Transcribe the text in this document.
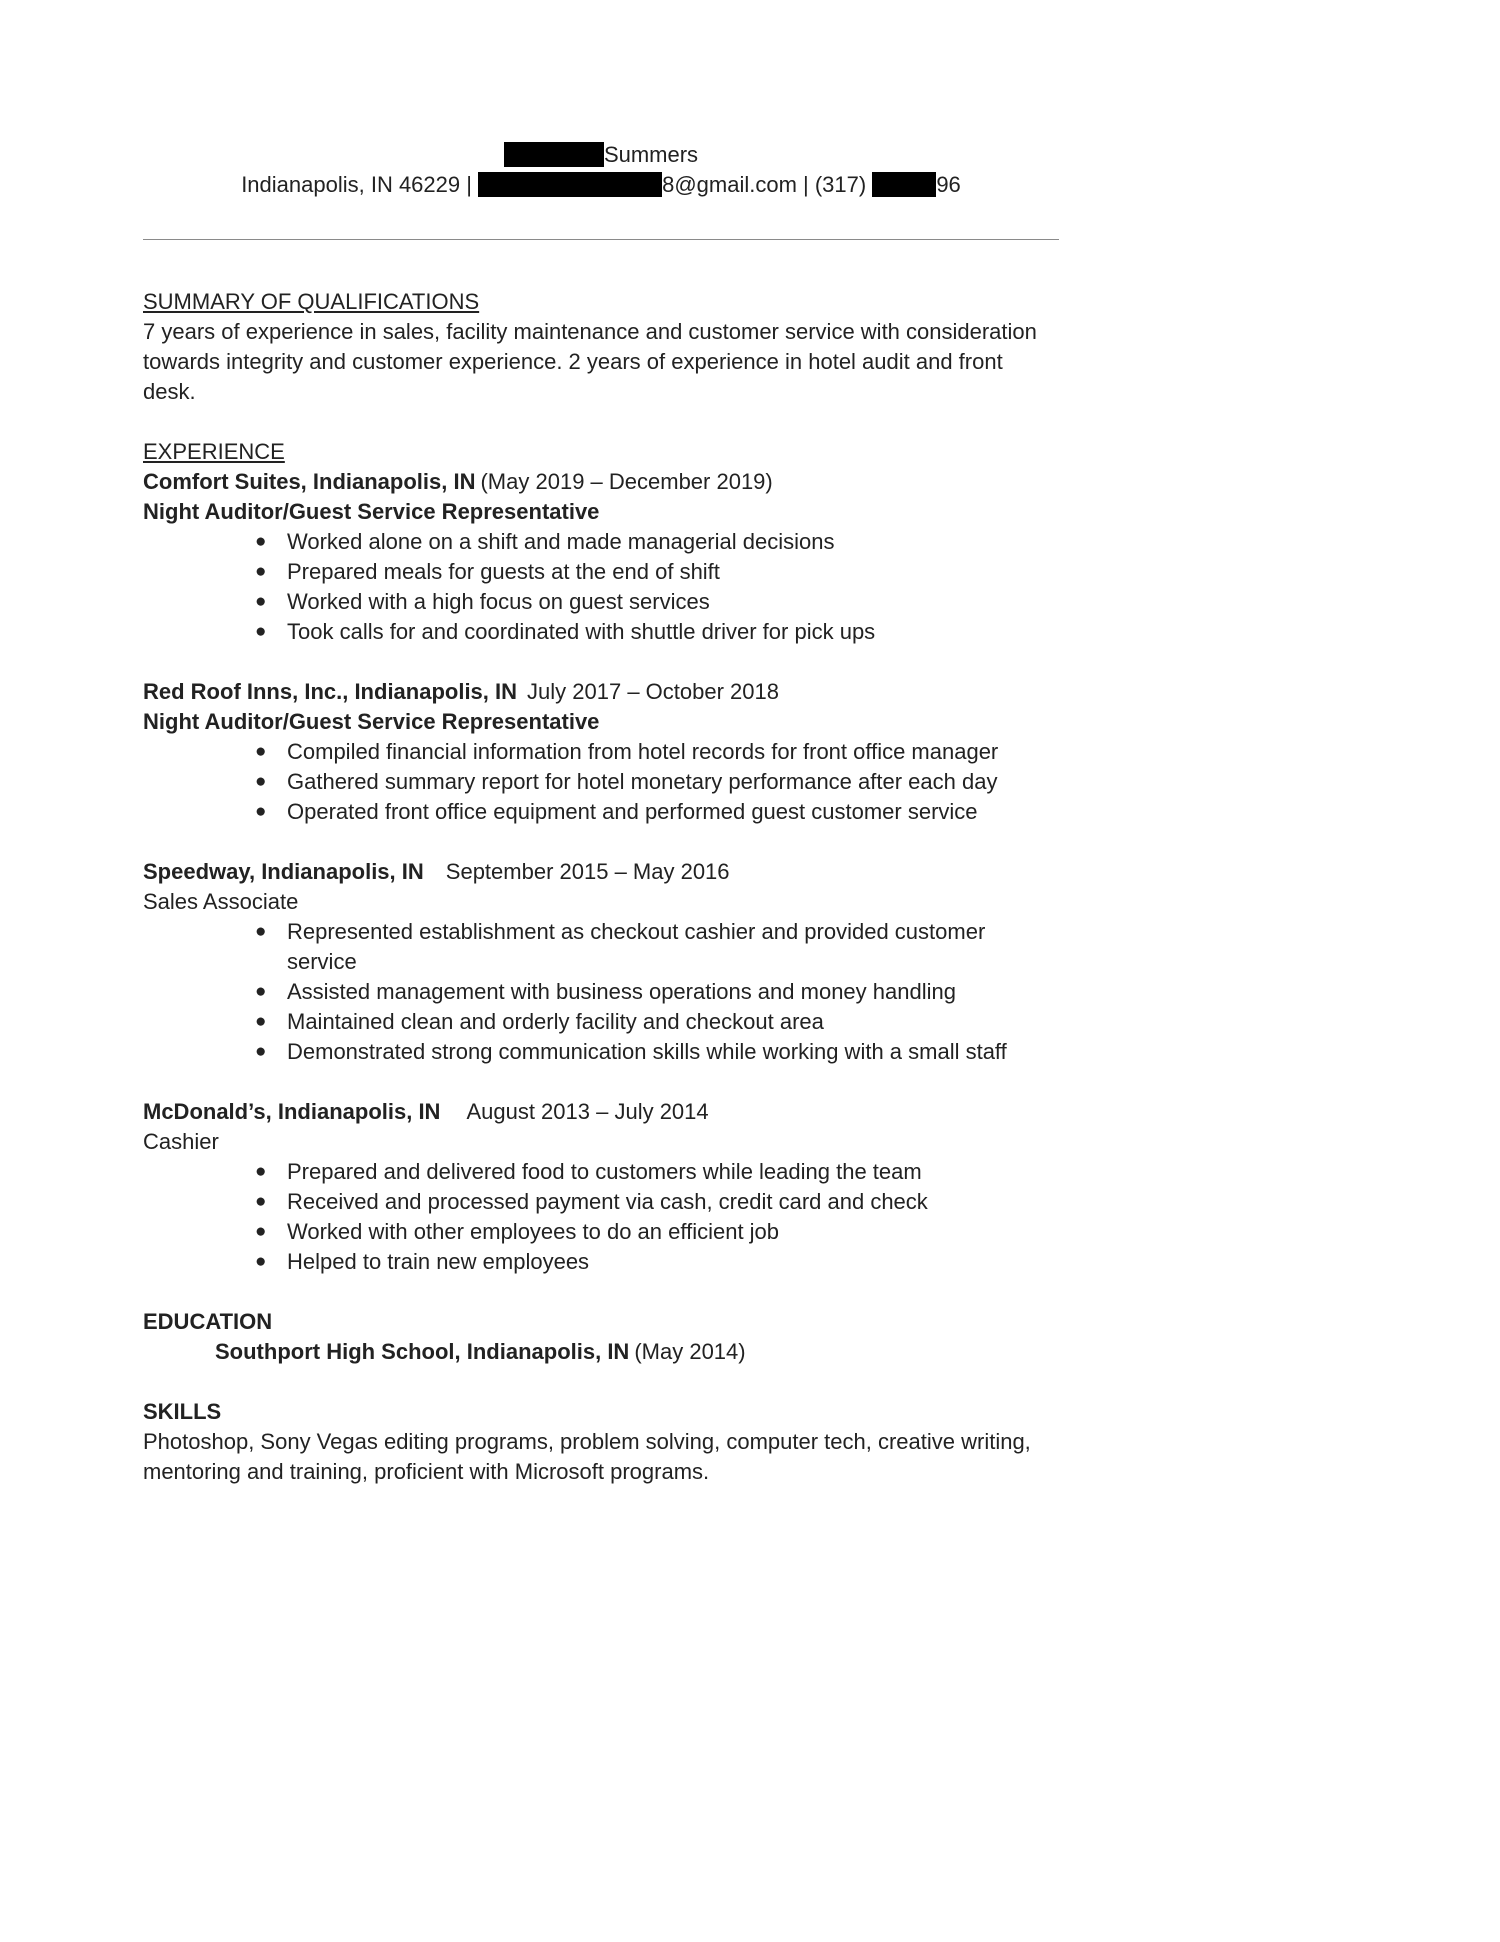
Summers
Indianapolis, IN 46229 |	8@gmail.com | (317)	96
SUMMARY OF QUALIFICATIONS

7 years of experience in sales, facility maintenance and customer service with consideration towards integrity and customer experience. 2 years of experience in hotel audit and front desk.

EXPERIENCE
Comfort Suites, Indianapolis, IN (May 2019 – December 2019)
Night Auditor/Guest Service Representative
● Worked alone on a shift and made managerial decisions
● Prepared meals for guests at the end of shift
● Worked with a high focus on guest services
● Took calls for and coordinated with shuttle driver for pick ups
Red Roof Inns, Inc., Indianapolis, IN July 2017 – October 2018
Night Auditor/Guest Service Representative
● Compiled financial information from hotel records for front office manager
● Gathered summary report for hotel monetary performance after each day
● Operated front office equipment and performed guest customer service
Speedway, Indianapolis, IN September 2015 – May 2016
Sales Associate
● Represented establishment as checkout cashier and provided customer service
● Assisted management with business operations and money handling
● Maintained clean and orderly facility and checkout area
● Demonstrated strong communication skills while working with a small staff
McDonald’s, Indianapolis, IN August 2013 – July 2014
Cashier
● Prepared and delivered food to customers while leading the team
● Received and processed payment via cash, credit card and check
● Worked with other employees to do an efficient job
● Helped to train new employees
EDUCATION
Southport High School, Indianapolis, IN (May 2014)
SKILLS

Photoshop, Sony Vegas editing programs, problem solving, computer tech, creative writing, mentoring and training, proficient with Microsoft programs.
